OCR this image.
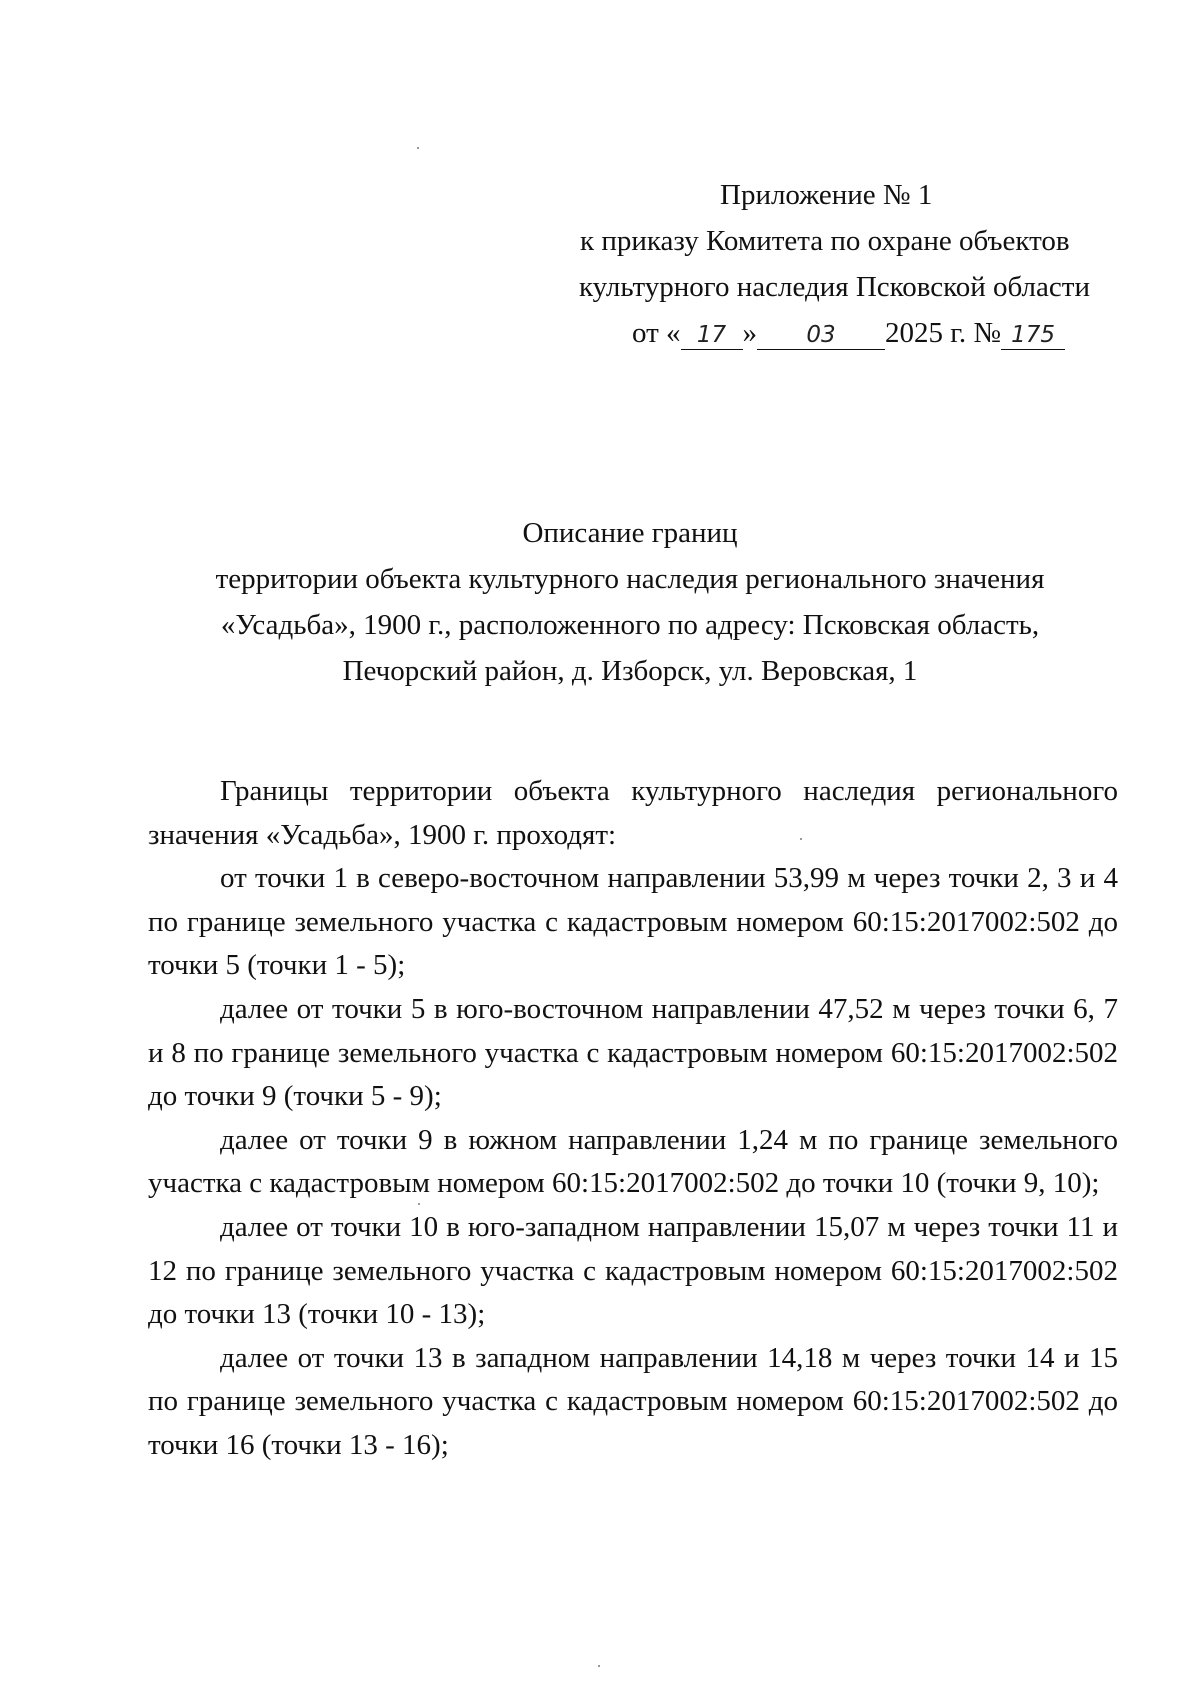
Приложение № 1
к приказу Комитета по охране объектов
культурного наследия Псковской области
от « 17 » 03 2025 г. № 175
Описание границ
территории объекта культурного наследия регионального значения
«Усадьба», 1900 г., расположенного по адресу: Псковская область,
Печорский район, д. Изборск, ул. Веровская, 1

Границы территории объекта культурного наследия регионального значения «Усадьба», 1900 г. проходят:

от точки 1 в северо-восточном направлении 53,99 м через точки 2, 3 и 4 по границе земельного участка с кадастровым номером 60:15:2017002:502 до точки 5 (точки 1 - 5);

далее от точки 5 в юго-восточном направлении 47,52 м через точки 6, 7 и 8 по границе земельного участка с кадастровым номером 60:15:2017002:502 до точки 9 (точки 5 - 9);

далее от точки 9 в южном направлении 1,24 м по границе земельного участка с кадастровым номером 60:15:2017002:502 до точки 10 (точки 9, 10);

далее от точки 10 в юго-западном направлении 15,07 м через точки 11 и 12 по границе земельного участка с кадастровым номером 60:15:2017002:502 до точки 13 (точки 10 - 13);

далее от точки 13 в западном направлении 14,18 м через точки 14 и 15 по границе земельного участка с кадастровым номером 60:15:2017002:502 до точки 16 (точки 13 - 16);
